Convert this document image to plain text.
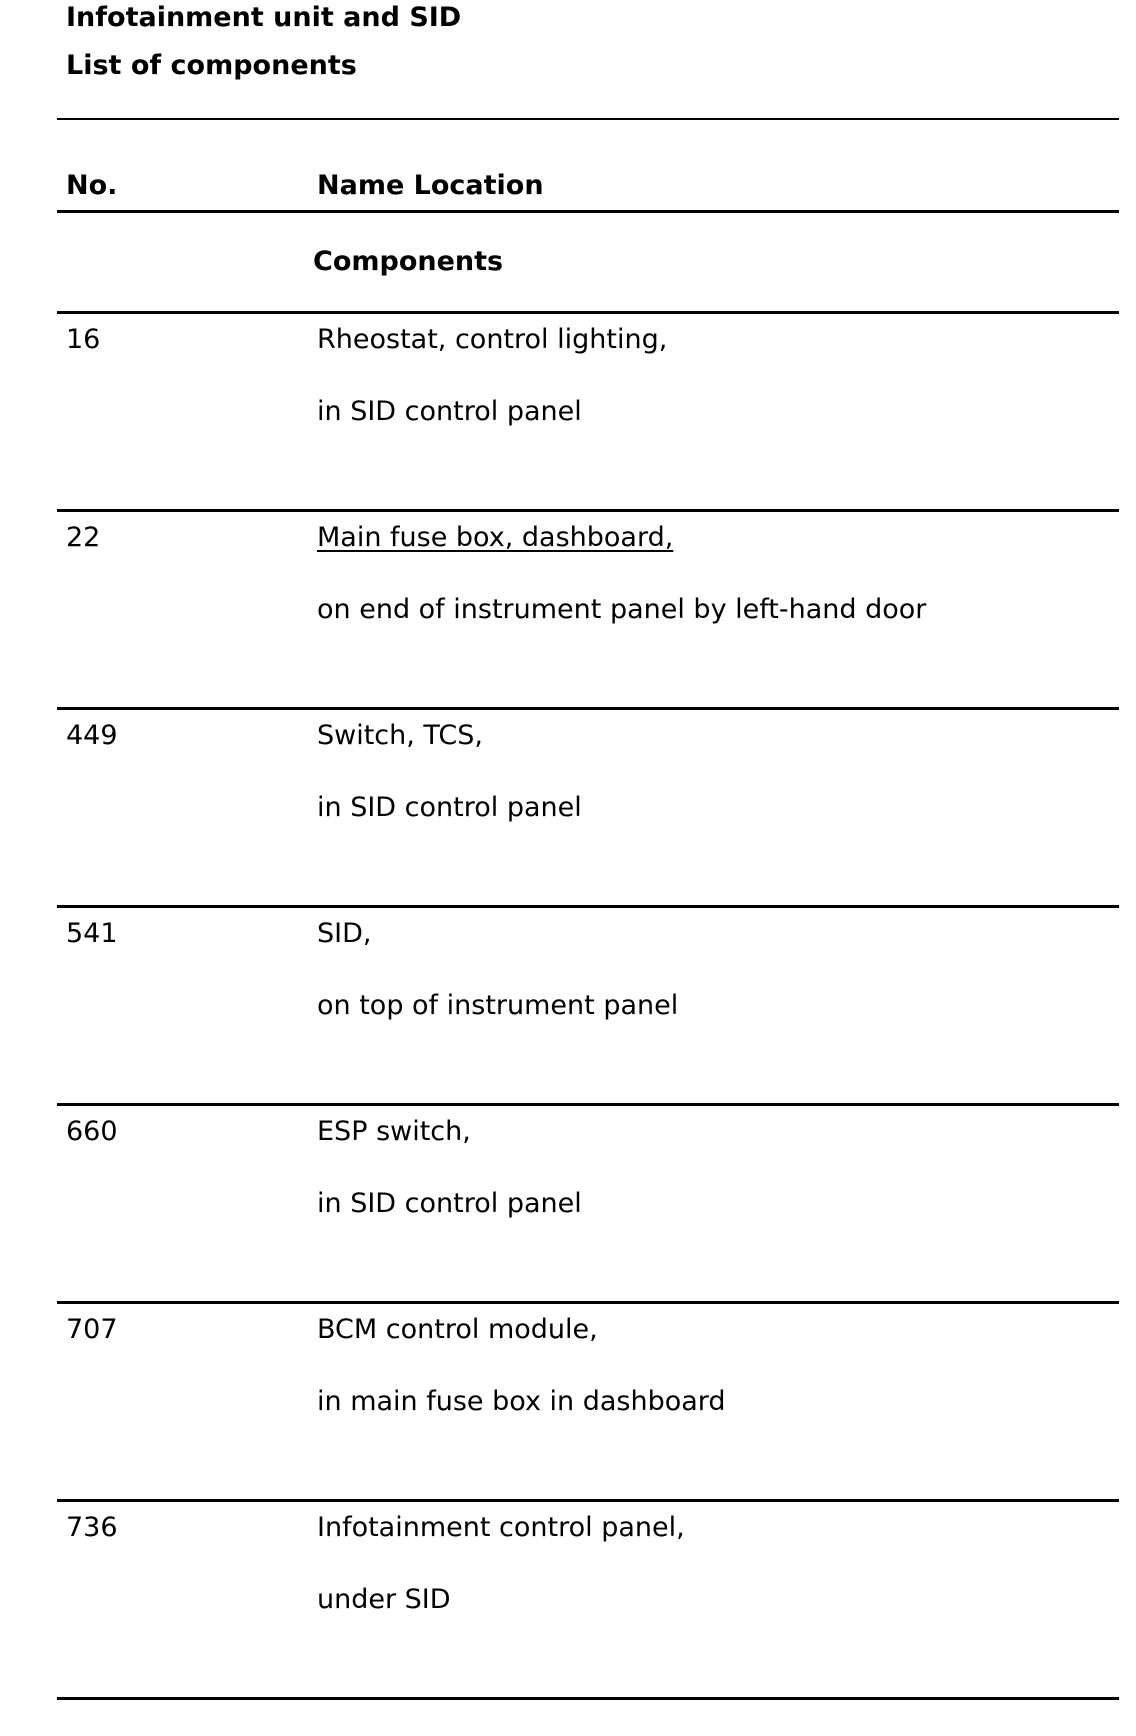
Infotainment unit and SID
List of components
No.	Name Location
Components
16	Rheostat, control lighting,
in SID control panel
22	Main fuse box, dashboard,
on end of instrument panel by left-hand door
449	Switch, TCS,
in SID control panel
541	SID,
on top of instrument panel
660	ESP switch,
in SID control panel
707	BCM control module,
in main fuse box in dashboard
736	Infotainment control panel,
under SID
